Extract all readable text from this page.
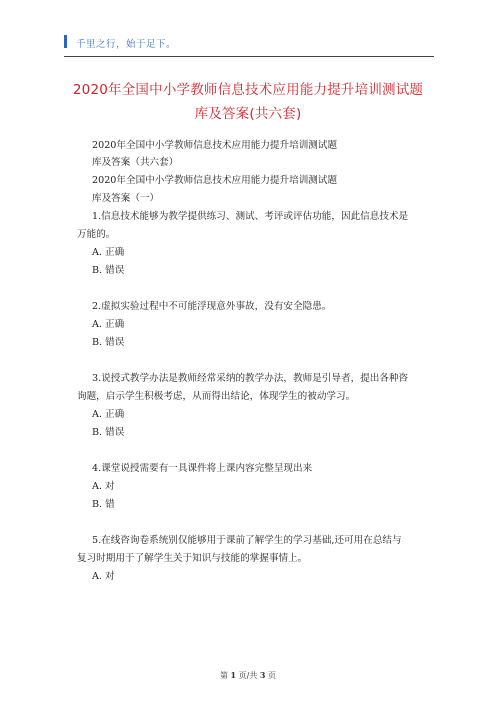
千里之行，始于足下。
2020年全国中小学教师信息技术应用能力提升培训测试题
库及答案(共六套)
2020年全国中小学教师信息技术应用能力提升培训测试题
库及答案（共六套）
2020年全国中小学教师信息技术应用能力提升培训测试题
库及答案（一）
1.信息技术能够为教学提供练习、测试、考评或评估功能，因此信息技术是
万能的。
A. 正确
B. 错误
2.虚拟实验过程中不可能浮现意外事故，没有安全隐患。
A. 正确
B. 错误
3.说授式教学办法是教师经常采纳的教学办法，教师是引导者，提出各种咨
询题，启示学生积极考虑，从而得出结论，体现学生的被动学习。
A. 正确
B. 错误
4.课堂说授需要有一具课件将上课内容完整呈现出来
A. 对
B. 错
5.在线咨询卷系统别仅能够用于课前了解学生的学习基础,还可用在总结与
复习时期用于了解学生关于知识与技能的掌握事情上。
A. 对
第 1 页/共 3 页
